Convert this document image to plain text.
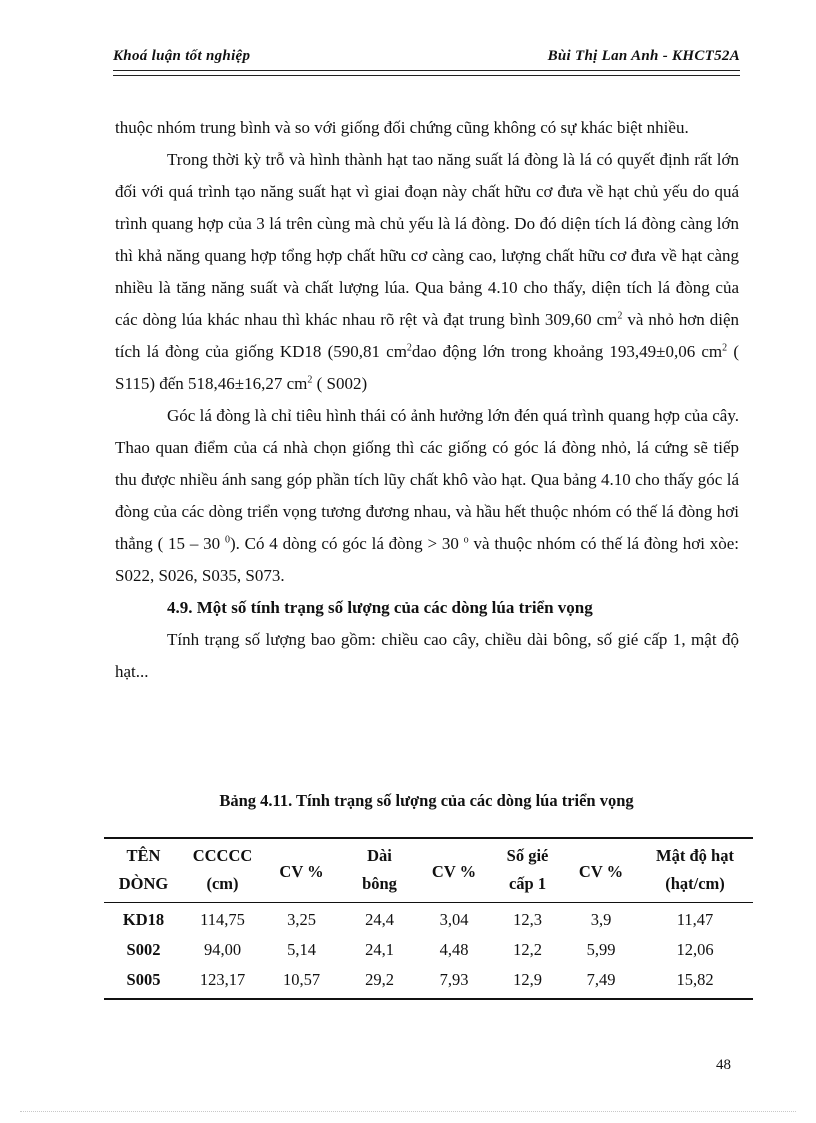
Khoá luận tốt nghiệp	Bùi Thị Lan Anh - KHCT52A

thuộc nhóm trung bình và so với giống đối chứng cũng không có sự khác biệt nhiều.

Trong thời kỳ trỗ và hình thành hạt tao năng suất lá đòng là lá có quyết định rất lớn đối với quá trình tạo năng suất hạt vì giai đoạn này chất hữu cơ đưa về hạt chủ yếu do quá trình quang hợp của 3 lá trên cùng mà chủ yếu là lá đòng. Do đó diện tích lá đòng càng lớn thì khả năng quang hợp tổng hợp chất hữu cơ càng cao, lượng chất hữu cơ đưa về hạt càng nhiều là tăng năng suất và chất lượng lúa. Qua bảng 4.10 cho thấy, diện tích lá đòng của các dòng lúa khác nhau thì khác nhau rõ rệt và đạt trung bình 309,60 $cm^2$ và nhỏ hơn diện tích lá đòng của giống KD18 (590,81 $cm^2dao$ động lớn trong khoảng 193,49±0,06 $cm^2$ ( S115) đến 518,46±16,27 $cm^2$ ( S002)

Góc lá đòng là chỉ tiêu hình thái có ảnh hưởng lớn đén quá trình quang hợp của cây. Thao quan điểm của cá nhà chọn giống thì các giống có góc lá đòng nhỏ, lá cứng sẽ tiếp thu được nhiều ánh sang góp phần tích lũy chất khô vào hạt. Qua bảng 4.10 cho thấy góc lá đòng của các dòng triển vọng tương đương nhau, và hầu hết thuộc nhóm có thế lá đòng hơi thẳng ( 15 – 30 $^0$). Có 4 dòng có góc lá đòng > 30 $^o$ và thuộc nhóm có thế lá đòng hơi xòe: S022, S026, S035, S073.

4.9. Một số tính trạng số lượng của các dòng lúa triển vọng

Tính trạng số lượng bao gồm: chiều cao cây, chiều dài bông, số gié cấp 1, mật độ hạt...

Bảng 4.11. Tính trạng số lượng của các dòng lúa triển vọng
TÊN	CCCCC	CV %	Dài	CV %	Số gié	CV %	Mật độ hạt
DÒNG	(cm)		bông		cấp 1		(hạt/cm)
KD18	114,75	3,25	24,4	3,04	12,3	3,9	11,47
S002	94,00	5,14	24,1	4,48	12,2	5,99	12,06
S005	123,17	10,57	29,2	7,93	12,9	7,49	15,82
48
